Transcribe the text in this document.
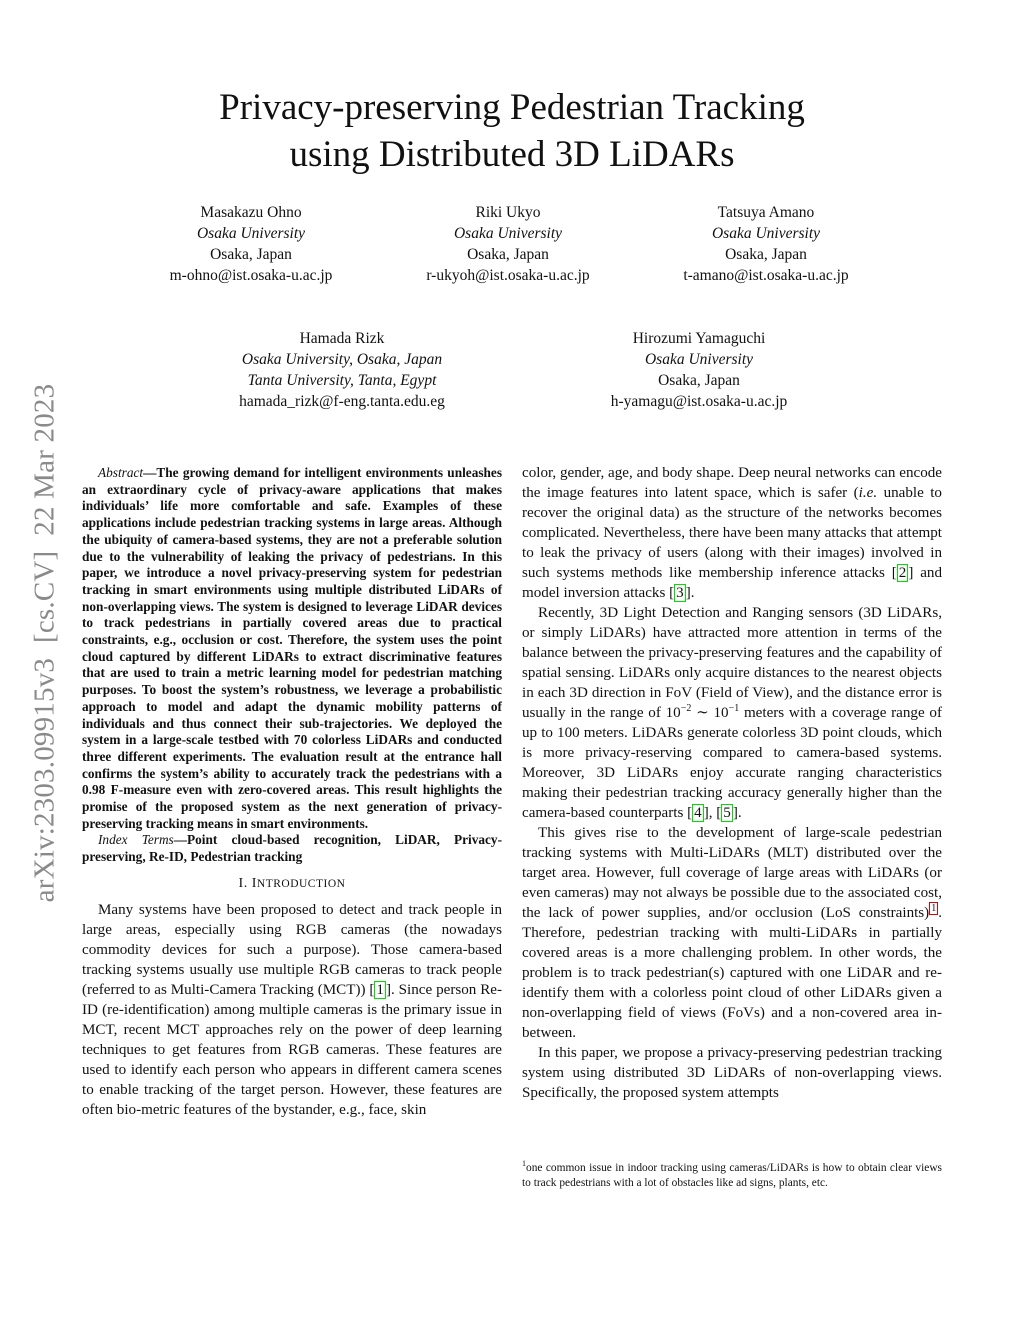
arXiv:2303.09915v3  [cs.CV]  22 Mar 2023
Privacy-preserving Pedestrian Tracking
using Distributed 3D LiDARs
Masakazu Ohno
Osaka University
Osaka, Japan
m-ohno@ist.osaka-u.ac.jp
Riki Ukyo
Osaka University
Osaka, Japan
r-ukyoh@ist.osaka-u.ac.jp
Tatsuya Amano
Osaka University
Osaka, Japan
t-amano@ist.osaka-u.ac.jp
Hamada Rizk
Osaka University, Osaka, Japan
Tanta University, Tanta, Egypt
hamada_rizk@f-eng.tanta.edu.eg
Hirozumi Yamaguchi
Osaka University
Osaka, Japan
h-yamagu@ist.osaka-u.ac.jp

Abstract—The growing demand for intelligent environments unleashes an extraordinary cycle of privacy-aware applications that makes individuals’ life more comfortable and safe. Examples of these applications include pedestrian tracking systems in large areas. Although the ubiquity of camera-based systems, they are not a preferable solution due to the vulnerability of leaking the privacy of pedestrians. In this paper, we introduce a novel privacy-preserving system for pedestrian tracking in smart environments using multiple distributed LiDARs of non-overlapping views. The system is designed to leverage LiDAR devices to track pedestrians in partially covered areas due to practical constraints, e.g., occlusion or cost. Therefore, the system uses the point cloud captured by different LiDARs to extract discriminative features that are used to train a metric learning model for pedestrian matching purposes. To boost the system’s robustness, we leverage a probabilistic approach to model and adapt the dynamic mobility patterns of individuals and thus connect their sub-trajectories. We deployed the system in a large-scale testbed with 70 colorless LiDARs and conducted three different experiments. The evaluation result at the entrance hall confirms the system’s ability to accurately track the pedestrians with a 0.98 F-measure even with zero-covered areas. This result highlights the promise of the proposed system as the next generation of privacy-preserving tracking means in smart environments.

Index Terms—Point cloud-based recognition, LiDAR, Privacy-preserving, Re-ID, Pedestrian tracking

I. INTRODUCTION

Many systems have been proposed to detect and track people in large areas, especially using RGB cameras (the nowadays commodity devices for such a purpose). Those camera-based tracking systems usually use multiple RGB cameras to track people (referred to as Multi-Camera Tracking (MCT)) [ 1 ]. Since person Re-ID (re-identification) among multiple cameras is the primary issue in MCT, recent MCT approaches rely on the power of deep learning techniques to get features from RGB cameras. These features are used to identify each person who appears in different camera scenes to enable tracking of the target person. However, these features are often bio-metric features of the bystander, e.g., face, skin

color, gender, age, and body shape. Deep neural networks can encode the image features into latent space, which is safer (i.e. unable to recover the original data) as the structure of the networks becomes complicated. Nevertheless, there have been many attacks that attempt to leak the privacy of users (along with their images) involved in such systems methods like membership inference attacks [ 2 ] and model inversion attacks [ 3 ].

Recently, 3D Light Detection and Ranging sensors (3D LiDARs, or simply LiDARs) have attracted more attention in terms of the balance between the privacy-preserving features and the capability of spatial sensing. LiDARs only acquire distances to the nearest objects in each 3D direction in FoV (Field of View), and the distance error is usually in the range of $10^{-2}$ ∼ $10^{-1}$ meters with a coverage range of up to 100 meters. LiDARs generate colorless 3D point clouds, which is more privacy-reserving compared to camera-based systems. Moreover, 3D LiDARs enjoy accurate ranging characteristics making their pedestrian tracking accuracy generally higher than the camera-based counterparts [ 4 ], [ 5 ].

This gives rise to the development of large-scale pedestrian tracking systems with Multi-LiDARs (MLT) distributed over the target area. However, full coverage of large areas with LiDARs (or even cameras) may not always be possible due to the associated cost, the lack of power supplies, and/or occlusion (LoS constraints) $^1$ . Therefore, pedestrian tracking with multi-LiDARs in partially covered areas is a more challenging problem. In other words, the problem is to track pedestrian(s) captured with one LiDAR and re-identify them with a colorless point cloud of other LiDARs given a non-overlapping field of views (FoVs) and a non-covered area in-between.

In this paper, we propose a privacy-preserving pedestrian tracking system using distributed 3D LiDARs of non-overlapping views. Specifically, the proposed system attempts

$^1$one common issue in indoor tracking using cameras/LiDARs is how to obtain clear views to track pedestrians with a lot of obstacles like ad signs, plants, etc.
